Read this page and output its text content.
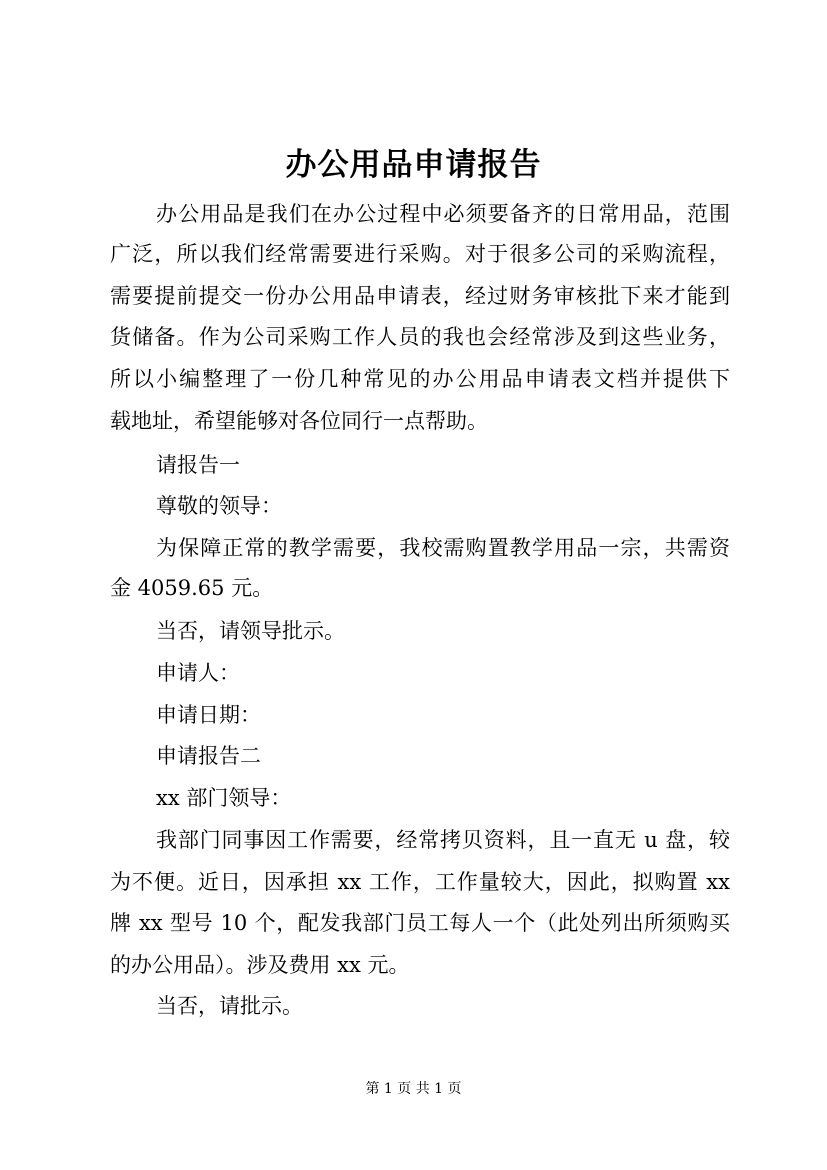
办公用品申请报告
办公用品是我们在办公过程中必须要备齐的日常用品，范围
广泛，所以我们经常需要进行采购。对于很多公司的采购流程，
需要提前提交一份办公用品申请表，经过财务审核批下来才能到
货储备。作为公司采购工作人员的我也会经常涉及到这些业务，
所以小编整理了一份几种常见的办公用品申请表文档并提供下
载地址，希望能够对各位同行一点帮助。
请报告一
尊敬的领导：
为保障正常的教学需要，我校需购置教学用品一宗，共需资
金 4059.65 元。
当否，请领导批示。
申请人：
申请日期：
申请报告二
xx 部门领导：
我部门同事因工作需要，经常拷贝资料，且一直无 u 盘，较
为不便。近日，因承担 xx 工作，工作量较大，因此，拟购置 xx
牌 xx 型号 10 个，配发我部门员工每人一个（此处列出所须购买
的办公用品）。涉及费用 xx 元。
当否，请批示。
第 1 页 共 1 页
